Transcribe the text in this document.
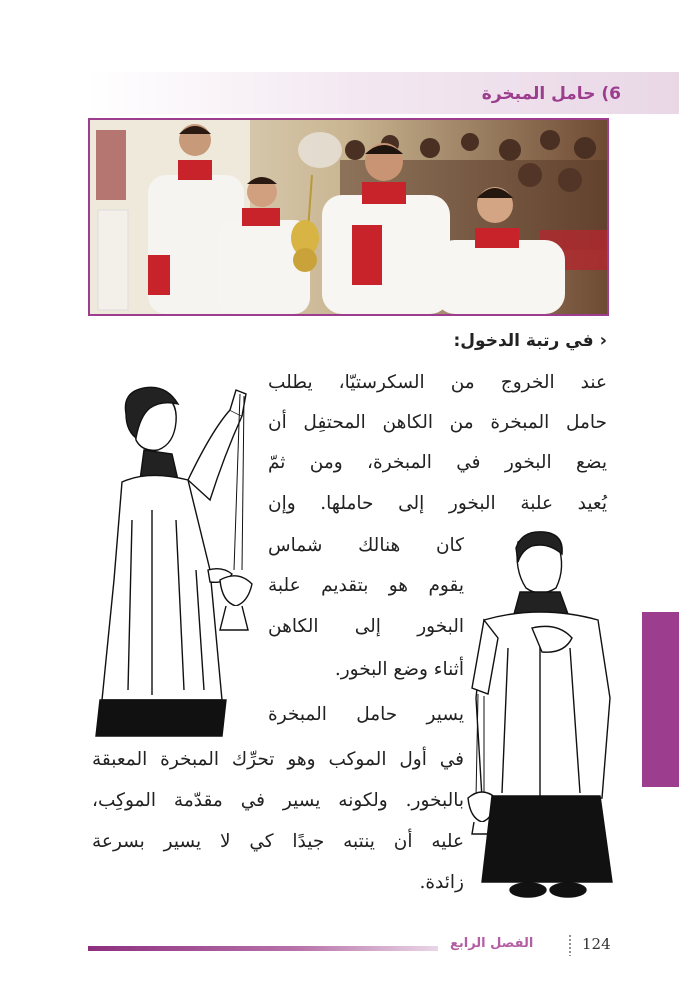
6) حامل المبخرة
‹
في رتبة الدخول:
عند الخروج من السكرستيّا، يطلب
حامل المبخرة من الكاهن المحتفِل أن
يضع البخور في المبخرة، ومن ثمّ
يُعيد علبة البخور إلى حاملها. وإن
كان هنالك شماس
يقوم هو بتقديم علبة
البخور إلى الكاهن
أثناء وضع البخور.
يسير حامل المبخرة
في أول الموكب وهو تحرِّك المبخرة المعبقة
بالبخور. ولكونه يسير في مقدّمة الموكِب،
عليه أن ينتبه جيدًا كي لا يسير بسرعة
زائدة.
الفصل الرابع	124
